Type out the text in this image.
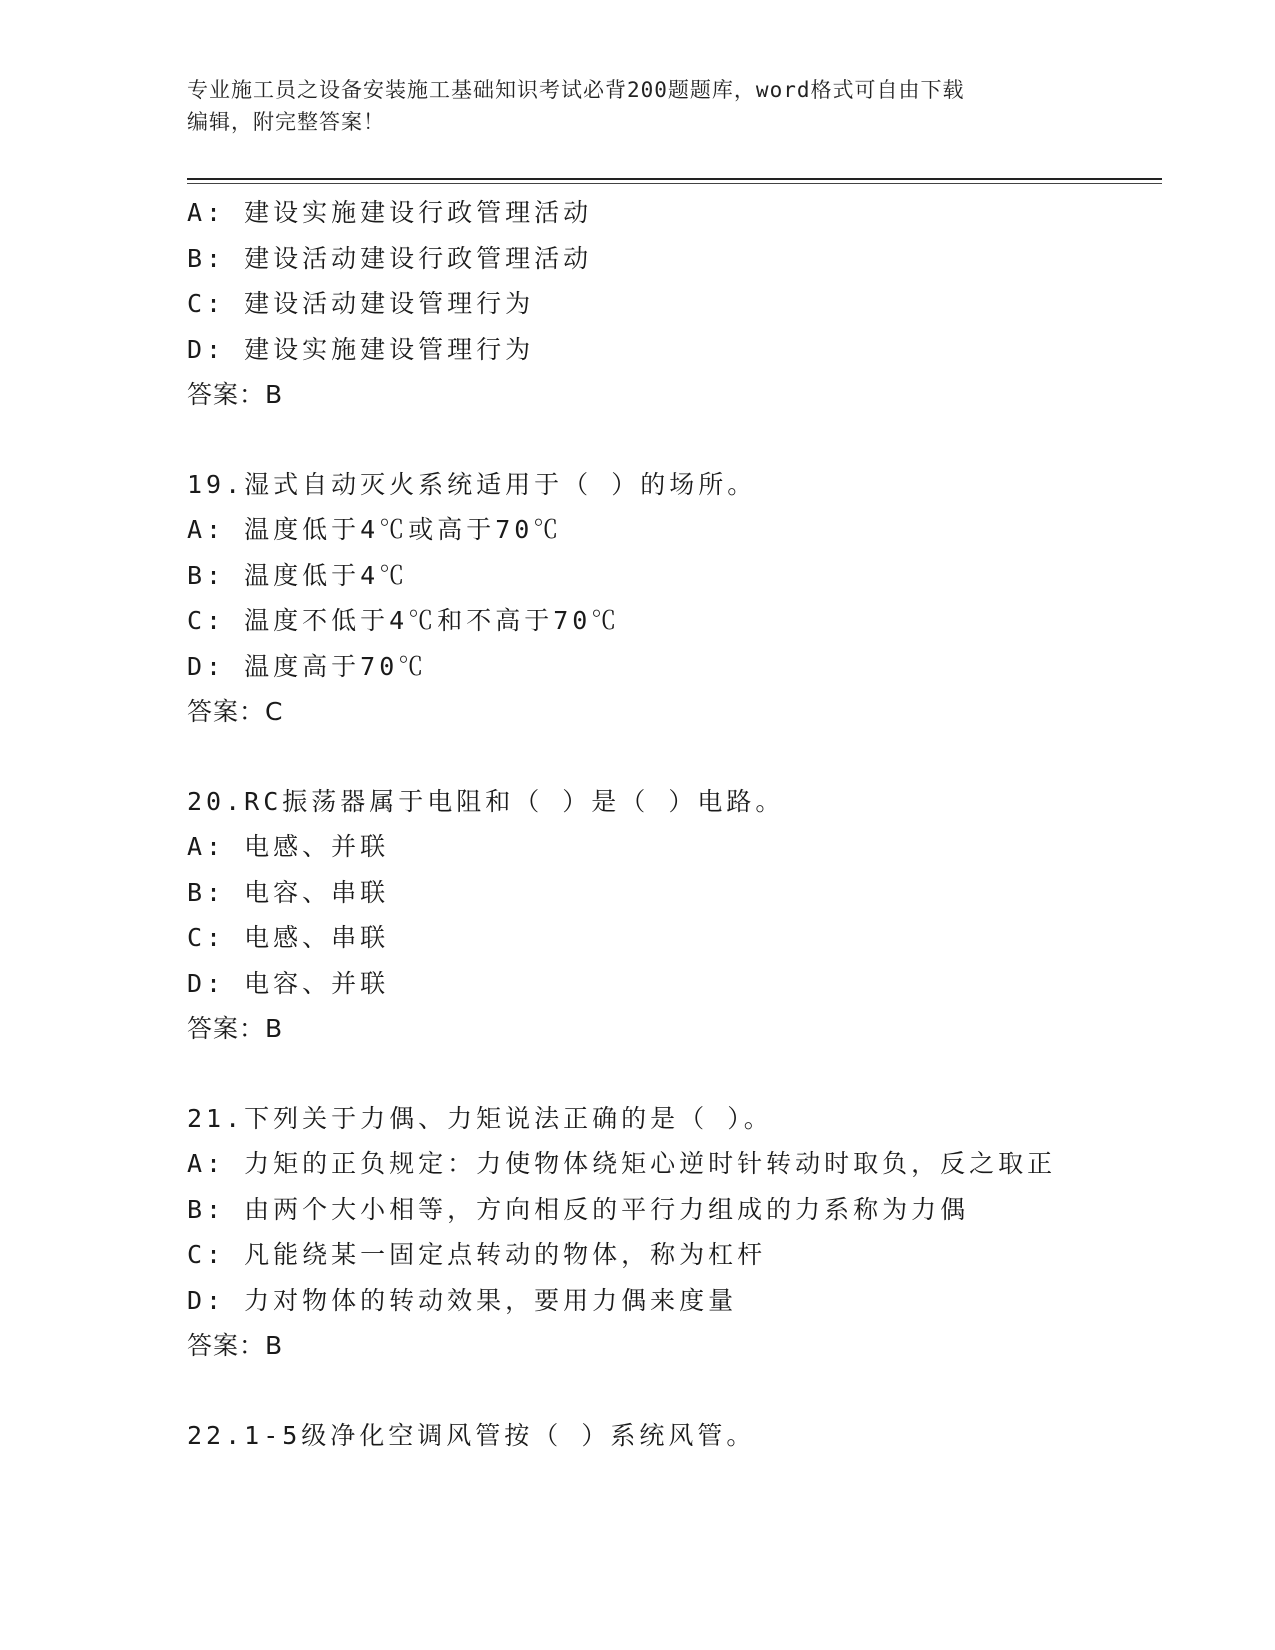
专业施工员之设备安装施工基础知识考试必背200题题库，word格式可自由下载
编辑，附完整答案！
A: 建设实施建设行政管理活动
B: 建设活动建设行政管理活动
C: 建设活动建设管理行为
D: 建设实施建设管理行为
答案：B
19.湿式自动灭火系统适用于（ ）的场所。
A: 温度低于4℃或高于70℃
B: 温度低于4℃
C: 温度不低于4℃和不高于70℃
D: 温度高于70℃
答案：C
20.RC振荡器属于电阻和（ ）是（ ）电路。
A: 电感、并联
B: 电容、串联
C: 电感、串联
D: 电容、并联
答案：B
21.下列关于力偶、力矩说法正确的是（ ）。
A: 力矩的正负规定：力使物体绕矩心逆时针转动时取负，反之取正
B: 由两个大小相等，方向相反的平行力组成的力系称为力偶
C: 凡能绕某一固定点转动的物体，称为杠杆
D: 力对物体的转动效果，要用力偶来度量
答案：B
22.1-5级净化空调风管按（ ）系统风管。
